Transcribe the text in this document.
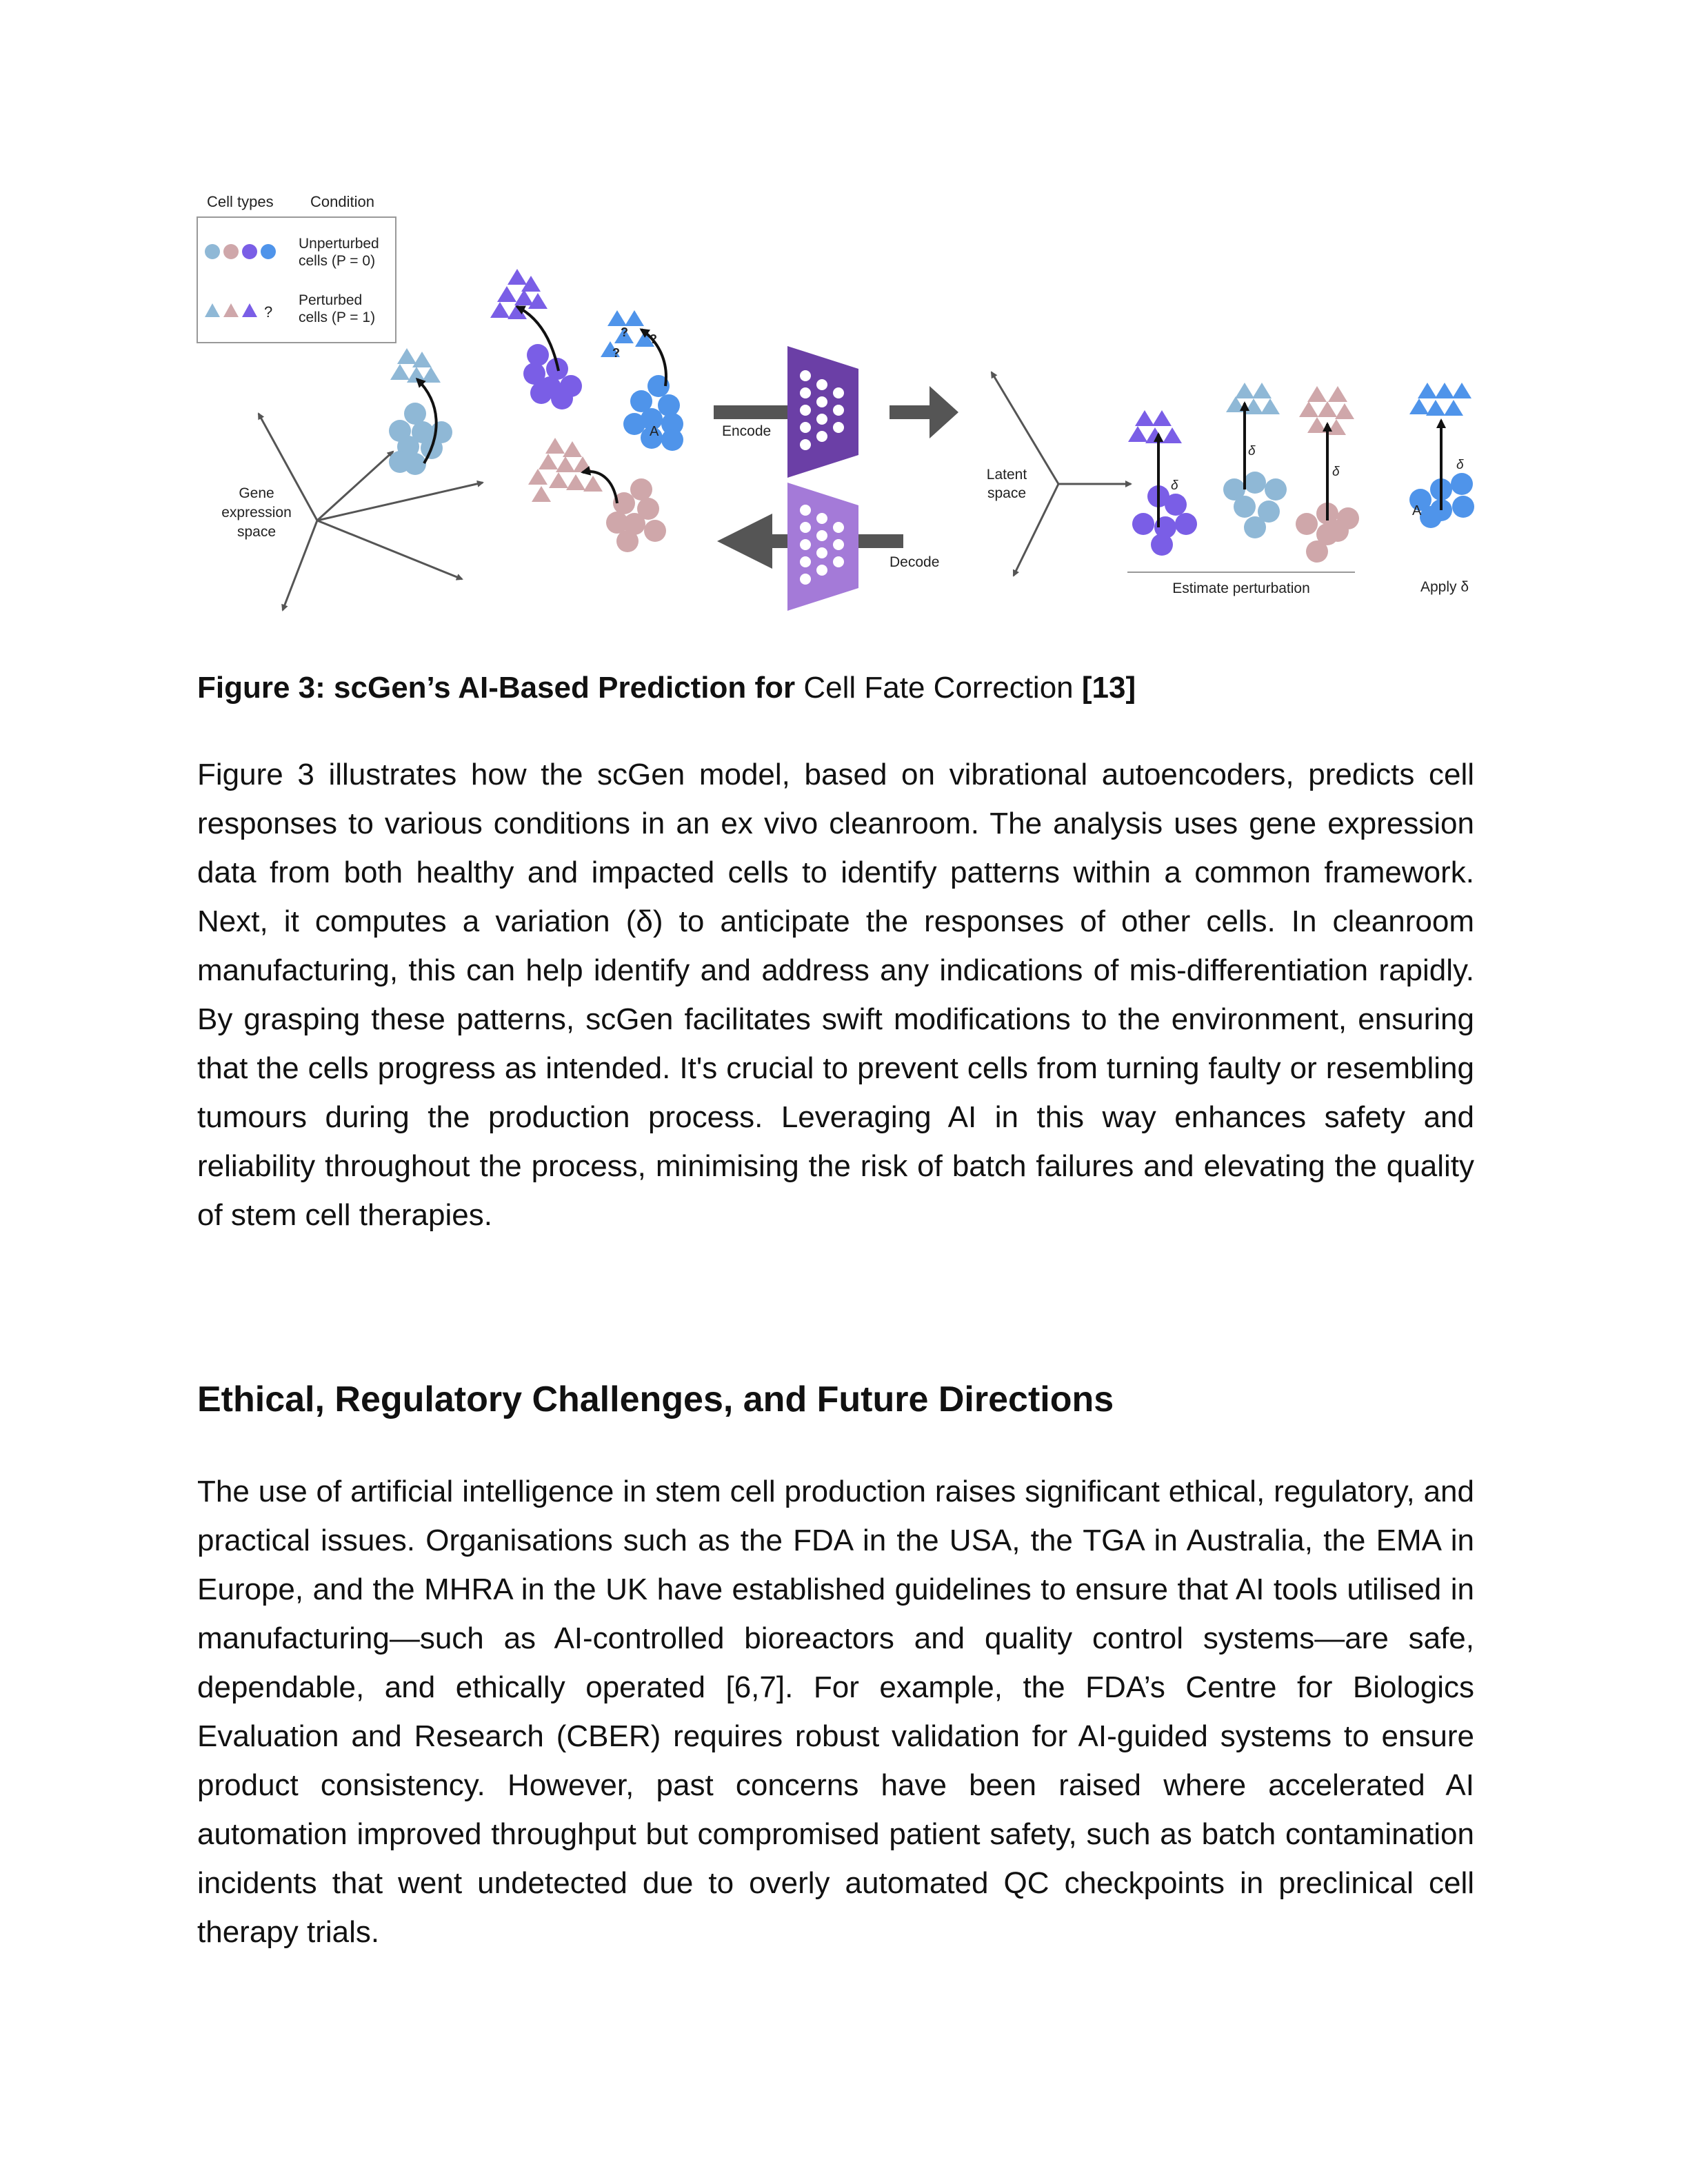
Cell types Condition
Unperturbed
cells (P = 0)
?
Perturbed
cells (P = 1)
Gene
expression
space
? ?
?
A	Encode
Decode
Latent
space	δ
δ
δ
Estimate perturbation
A
δ
Apply δ

Figure 3: scGen’s AI-Based Prediction for Cell Fate Correction [13]

Figure 3 illustrates how the scGen model, based on vibrational autoencoders, predicts cell responses to various conditions in an ex vivo cleanroom. The analysis uses gene expression data from both healthy and impacted cells to identify patterns within a common framework. Next, it computes a variation (δ) to anticipate the responses of other cells. In cleanroom manufacturing, this can help identify and address any indications of mis-differentiation rapidly. By grasping these patterns, scGen facilitates swift modifications to the environment, ensuring that the cells progress as intended. It's crucial to prevent cells from turning faulty or resembling tumours during the production process. Leveraging AI in this way enhances safety and reliability throughout the process, minimising the risk of batch failures and elevating the quality of stem cell therapies.

Ethical, Regulatory Challenges, and Future Directions

The use of artificial intelligence in stem cell production raises significant ethical, regulatory, and practical issues. Organisations such as the FDA in the USA, the TGA in Australia, the EMA in Europe, and the MHRA in the UK have established guidelines to ensure that AI tools utilised in manufacturing—such as AI-controlled bioreactors and quality control systems—are safe, dependable, and ethically operated [6,7]. For example, the FDA’s Centre for Biologics Evaluation and Research (CBER) requires robust validation for AI-guided systems to ensure product consistency. However, past concerns have been raised where accelerated AI automation improved throughput but compromised patient safety, such as batch contamination incidents that went undetected due to overly automated QC checkpoints in preclinical cell therapy trials.
